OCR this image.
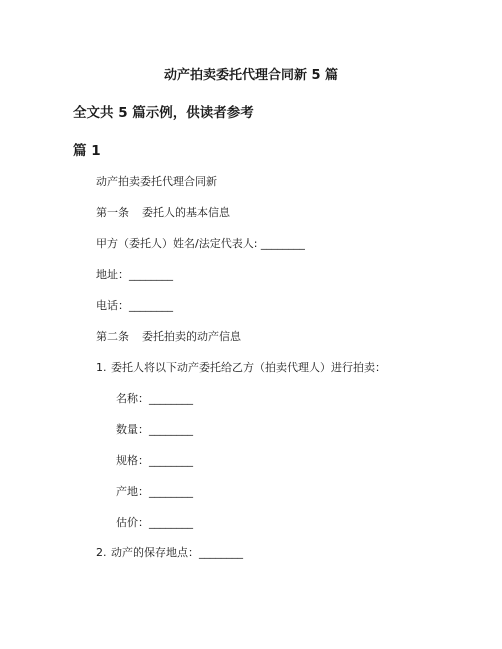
动产拍卖委托代理合同新 5 篇
全文共 5 篇示例，供读者参考
篇 1
动产拍卖委托代理合同新
第一条 委托人的基本信息
甲方（委托人）姓名/法定代表人: ________
地址：________
电话：________
第二条 委托拍卖的动产信息
1. 委托人将以下动产委托给乙方（拍卖代理人）进行拍卖：
名称：________
数量：________
规格：________
产地：________
估价：________
2. 动产的保存地点：________
